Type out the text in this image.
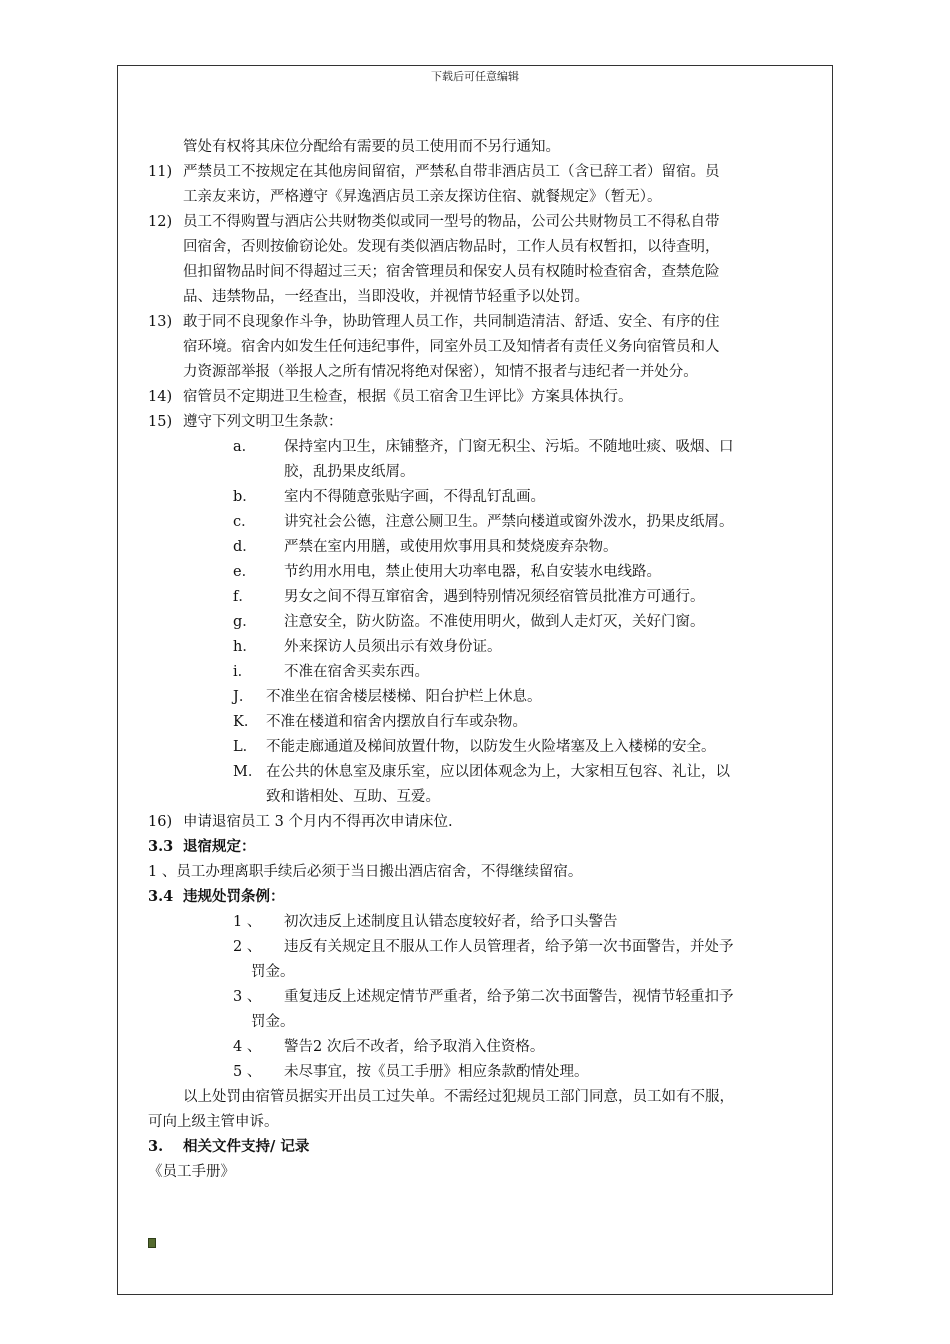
下载后可任意编辑
管处有权将其床位分配给有需要的员工使用而不另行通知。
11) 严禁员工不按规定在其他房间留宿，严禁私自带非酒店员工（含已辞工者）留宿。员
工亲友来访，严格遵守《昇逸酒店员工亲友探访住宿、就餐规定》（暂无）。
12) 员工不得购置与酒店公共财物类似或同一型号的物品，公司公共财物员工不得私自带
回宿舍，否则按偷窃论处。发现有类似酒店物品时，工作人员有权暂扣，以待查明，
但扣留物品时间不得超过三天；宿舍管理员和保安人员有权随时检查宿舍，查禁危险
品、违禁物品，一经查出，当即没收，并视情节轻重予以处罚。
13) 敢于同不良现象作斗争，协助管理人员工作，共同制造清洁、舒适、安全、有序的住
宿环境。宿舍内如发生任何违纪事件，同室外员工及知情者有责任义务向宿管员和人
力资源部举报（举报人之所有情况将绝对保密），知情不报者与违纪者一并处分。
14) 宿管员不定期进卫生检查，根据《员工宿舍卫生评比》方案具体执行。
15) 遵守下列文明卫生条款：
a． 保持室内卫生，床铺整齐，门窗无积尘、污垢。不随地吐痰、吸烟、口
胶，乱扔果皮纸屑。
b． 室内不得随意张贴字画，不得乱钉乱画。
c． 讲究社会公德，注意公厕卫生。严禁向楼道或窗外泼水，扔果皮纸屑。
d． 严禁在室内用膳，或使用炊事用具和焚烧废弃杂物。
e． 节约用水用电，禁止使用大功率电器，私自安装水电线路。
f． 男女之间不得互窜宿舍，遇到特别情况须经宿管员批准方可通行。
g． 注意安全，防火防盗。不准使用明火，做到人走灯灭，关好门窗。
h． 外来探访人员须出示有效身份证。
i． 不准在宿舍买卖东西。
J． 不准坐在宿舍楼层楼梯、阳台护栏上休息。
K． 不准在楼道和宿舍内摆放自行车或杂物。
L． 不能走廊通道及梯间放置什物，以防发生火险堵塞及上入楼梯的安全。
M． 在公共的休息室及康乐室，应以团体观念为上，大家相互包容、礼让，以
致和谐相处、互助、互爱。
16) 申请退宿员工 3 个月内不得再次申请床位.
3.3 退宿规定：
1 、员工办理离职手续后必须于当日搬出酒店宿舍，不得继续留宿。
3.4 违规处罚条例：
1 、 初次违反上述制度且认错态度较好者，给予口头警告
2 、 违反有关规定且不服从工作人员管理者，给予第一次书面警告，并处予
罚金。
3 、 重复违反上述规定情节严重者，给予第二次书面警告，视情节轻重扣予
罚金。
4 、 警告2 次后不改者，给予取消入住资格。
5 、 未尽事宜，按《员工手册》相应条款酌情处理。
以上处罚由宿管员据实开出员工过失单。不需经过犯规员工部门同意，员工如有不服，
可向上级主管申诉。
3. 相关文件支持/ 记录
《员工手册》
